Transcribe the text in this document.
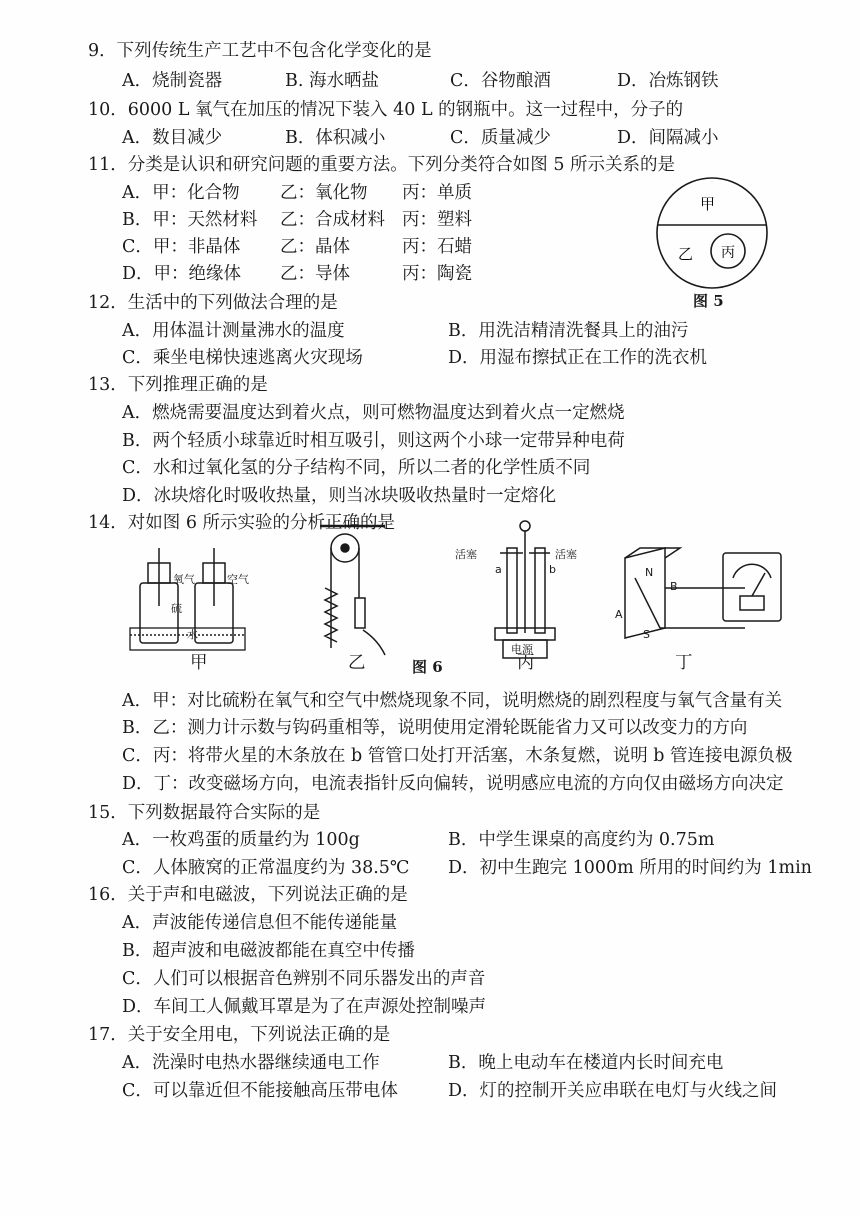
9．下列传统生产工艺中不包含化学变化的是
A．烧制瓷器	B. 海水晒盐	C．谷物酿酒	D．冶炼钢铁
10．6000 L 氧气在加压的情况下装入 40 L 的钢瓶中。这一过程中，分子的
A．数目减少	B．体积减小	C．质量减少	D．间隔减小
11．分类是认识和研究问题的重要方法。下列分类符合如图 5 所示关系的是
A．甲：化合物 乙：氧化物 丙：单质
B．甲：天然材料 乙：合成材料 丙：塑料
C．甲：非晶体 乙：晶体	丙：石蜡
D．甲：绝缘体 乙：导体	丙：陶瓷
甲
乙 丙
图 5
12．生活中的下列做法合理的是
A．用体温计测量沸水的温度	B．用洗洁精清洗餐具上的油污
C．乘坐电梯快速逃离火灾现场	D．用湿布擦拭正在工作的洗衣机
13．下列推理正确的是
A．燃烧需要温度达到着火点，则可燃物温度达到着火点一定燃烧
B．两个轻质小球靠近时相互吸引，则这两个小球一定带异种电荷
C．水和过氧化氢的分子结构不同，所以二者的化学性质不同
D．冰块熔化时吸收热量，则当冰块吸收热量时一定熔化
14．对如图 6 所示实验的分析正确的是
氧气	空气
硫
水
活塞	活塞
a	b
电源
A
B
N
S
甲	乙	图 6	丙	丁
A．甲：对比硫粉在氧气和空气中燃烧现象不同，说明燃烧的剧烈程度与氧气含量有关
B．乙：测力计示数与钩码重相等，说明使用定滑轮既能省力又可以改变力的方向
C．丙：将带火星的木条放在 b 管管口处打开活塞，木条复燃，说明 b 管连接电源负极
D．丁：改变磁场方向，电流表指针反向偏转，说明感应电流的方向仅由磁场方向决定
15．下列数据最符合实际的是
A．一枚鸡蛋的质量约为 100g	B．中学生课桌的高度约为 0.75m
C．人体腋窝的正常温度约为 38.5℃ D．初中生跑完 1000m 所用的时间约为 1min
16．关于声和电磁波，下列说法正确的是
A．声波能传递信息但不能传递能量
B．超声波和电磁波都能在真空中传播
C．人们可以根据音色辨别不同乐器发出的声音
D．车间工人佩戴耳罩是为了在声源处控制噪声
17．关于安全用电，下列说法正确的是
A．洗澡时电热水器继续通电工作	B．晚上电动车在楼道内长时间充电
C．可以靠近但不能接触高压带电体	D．灯的控制开关应串联在电灯与火线之间
